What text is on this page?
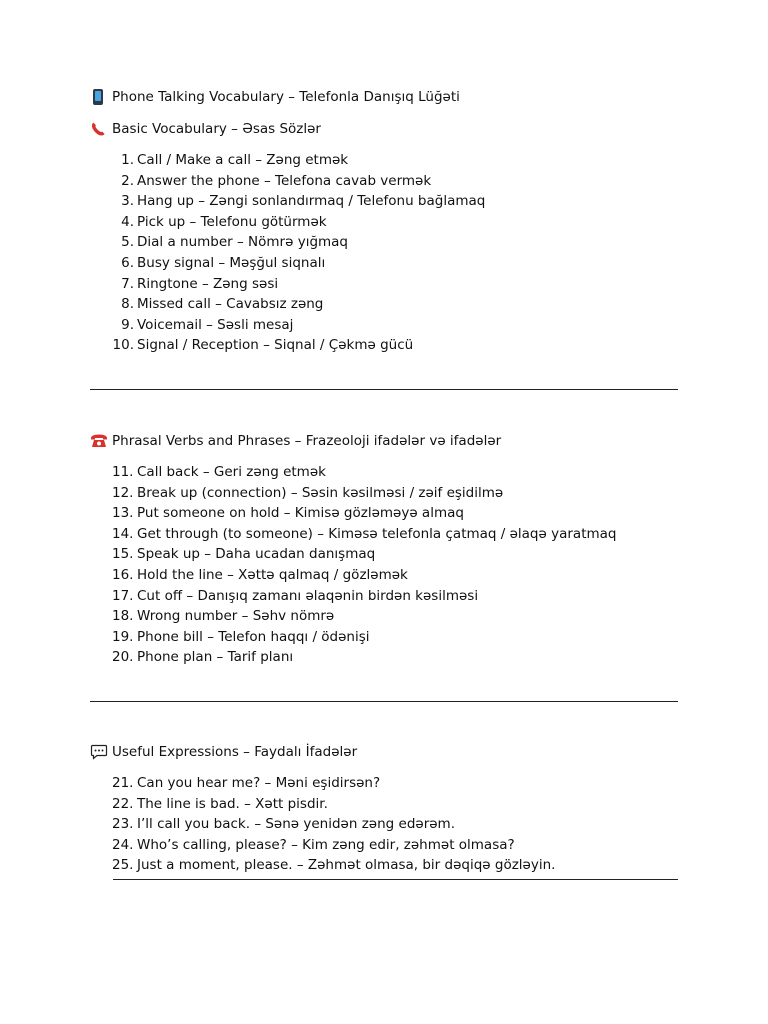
Phone Talking Vocabulary – Telefonla Danışıq Lüğəti
Basic Vocabulary – Əsas Sözlər
1. Call / Make a call – Zəng etmək
2. Answer the phone – Telefona cavab vermək
3. Hang up – Zəngi sonlandırmaq / Telefonu bağlamaq
4. Pick up – Telefonu götürmək
5. Dial a number – Nömrə yığmaq
6. Busy signal – Məşğul siqnalı
7. Ringtone – Zəng səsi
8. Missed call – Cavabsız zəng
9. Voicemail – Səsli mesaj
10. Signal / Reception – Siqnal / Çəkmə gücü
Phrasal Verbs and Phrases – Frazeoloji ifadələr və ifadələr
11. Call back – Geri zəng etmək
12. Break up (connection) – Səsin kəsilməsi / zəif eşidilmə
13. Put someone on hold – Kimisə gözləməyə almaq
14. Get through (to someone) – Kiməsə telefonla çatmaq / əlaqə yaratmaq
15. Speak up – Daha ucadan danışmaq
16. Hold the line – Xəttə qalmaq / gözləmək
17. Cut off – Danışıq zamanı əlaqənin birdən kəsilməsi
18. Wrong number – Səhv nömrə
19. Phone bill – Telefon haqqı / ödənişi
20. Phone plan – Tarif planı
Useful Expressions – Faydalı İfadələr
21. Can you hear me? – Məni eşidirsən?
22. The line is bad. – Xətt pisdir.
23. I’ll call you back. – Sənə yenidən zəng edərəm.
24. Who’s calling, please? – Kim zəng edir, zəhmət olmasa?
25. Just a moment, please. – Zəhmət olmasa, bir dəqiqə gözləyin.
